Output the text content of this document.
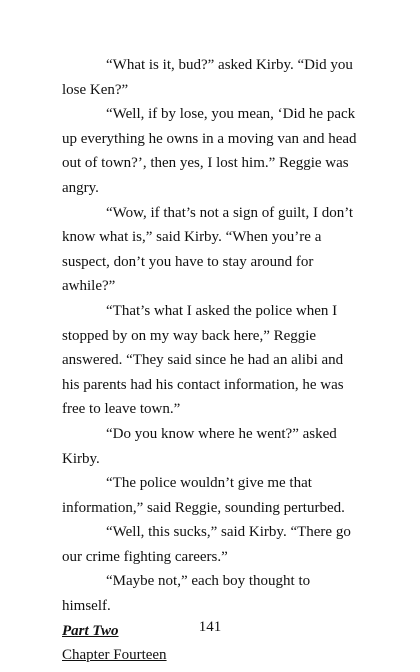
“What is it, bud?” asked Kirby. “Did you lose Ken?”

“Well, if by lose, you mean, ‘Did he pack up everything he owns in a moving van and head out of town?’, then yes, I lost him.” Reggie was angry.

“Wow, if that’s not a sign of guilt, I don’t know what is,” said Kirby. “When you’re a suspect, don’t you have to stay around for awhile?”

“That’s what I asked the police when I stopped by on my way back here,” Reggie answered. “They said since he had an alibi and his parents had his contact information, he was free to leave town.”

“Do you know where he went?” asked Kirby.

“The police wouldn’t give me that information,” said Reggie, sounding perturbed.

“Well, this sucks,” said Kirby. “There go our crime fighting careers.”

“Maybe not,” each boy thought to himself.

Part Two

Chapter Fourteen

141
